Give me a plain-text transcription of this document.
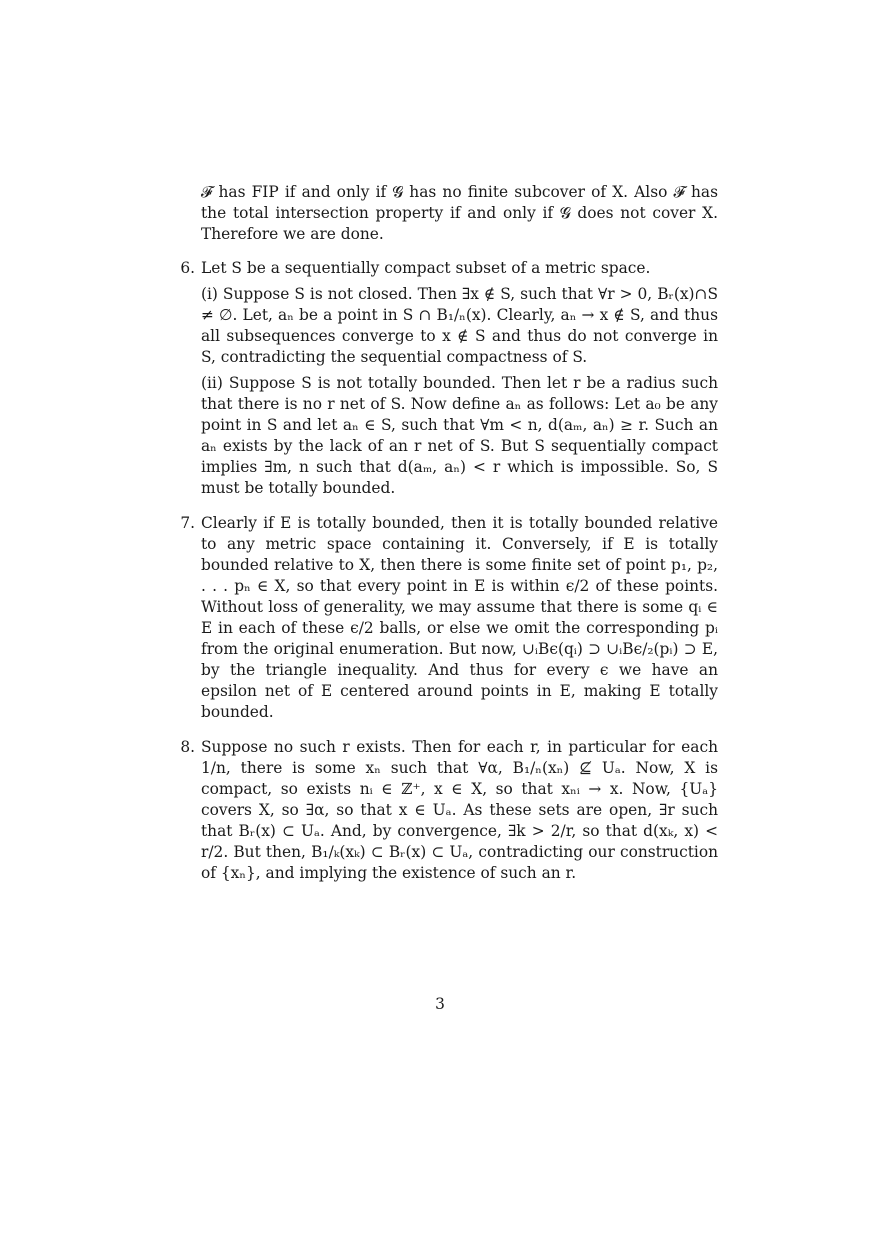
𝓕 has FIP if and only if 𝓖 has no finite subcover of X. Also 𝓕 has the total intersection property if and only if 𝓖 does not cover X. Therefore we are done.

6. Let S be a sequentially compact subset of a metric space.

(i) Suppose S is not closed. Then ∃x ∉ S, such that ∀r > 0, Bᵣ(x)∩S ≠ ∅. Let, aₙ be a point in S ∩ B₁/ₙ(x). Clearly, aₙ → x ∉ S, and thus all subsequences converge to x ∉ S and thus do not converge in S, contradicting the sequential compactness of S.

(ii) Suppose S is not totally bounded. Then let r be a radius such that there is no r net of S. Now define aₙ as follows: Let a₀ be any point in S and let aₙ ∈ S, such that ∀m < n, d(aₘ, aₙ) ≥ r. Such an aₙ exists by the lack of an r net of S. But S sequentially compact implies ∃m, n such that d(aₘ, aₙ) < r which is impossible. So, S must be totally bounded.

7. Clearly if E is totally bounded, then it is totally bounded relative to any metric space containing it. Conversely, if E is totally bounded relative to X, then there is some finite set of point p₁, p₂, . . . pₙ ∈ X, so that every point in E is within ϵ/2 of these points. Without loss of generality, we may assume that there is some qᵢ ∈ E in each of these ϵ/2 balls, or else we omit the corresponding pᵢ from the original enumeration. But now, ∪ᵢBϵ(qᵢ) ⊃ ∪ᵢBϵ/₂(pᵢ) ⊃ E, by the triangle inequality. And thus for every ϵ we have an epsilon net of E centered around points in E, making E totally bounded.

8. Suppose no such r exists. Then for each r, in particular for each 1/n, there is some xₙ such that ∀α, B₁/ₙ(xₙ) ⊈ Uₐ. Now, X is compact, so exists nᵢ ∈ ℤ⁺, x ∈ X, so that xₙᵢ → x. Now, {Uₐ} covers X, so ∃α, so that x ∈ Uₐ. As these sets are open, ∃r such that Bᵣ(x) ⊂ Uₐ. And, by convergence, ∃k > 2/r, so that d(xₖ, x) < r/2. But then, B₁/ₖ(xₖ) ⊂ Bᵣ(x) ⊂ Uₐ, contradicting our construction of {xₙ}, and implying the existence of such an r.

3
